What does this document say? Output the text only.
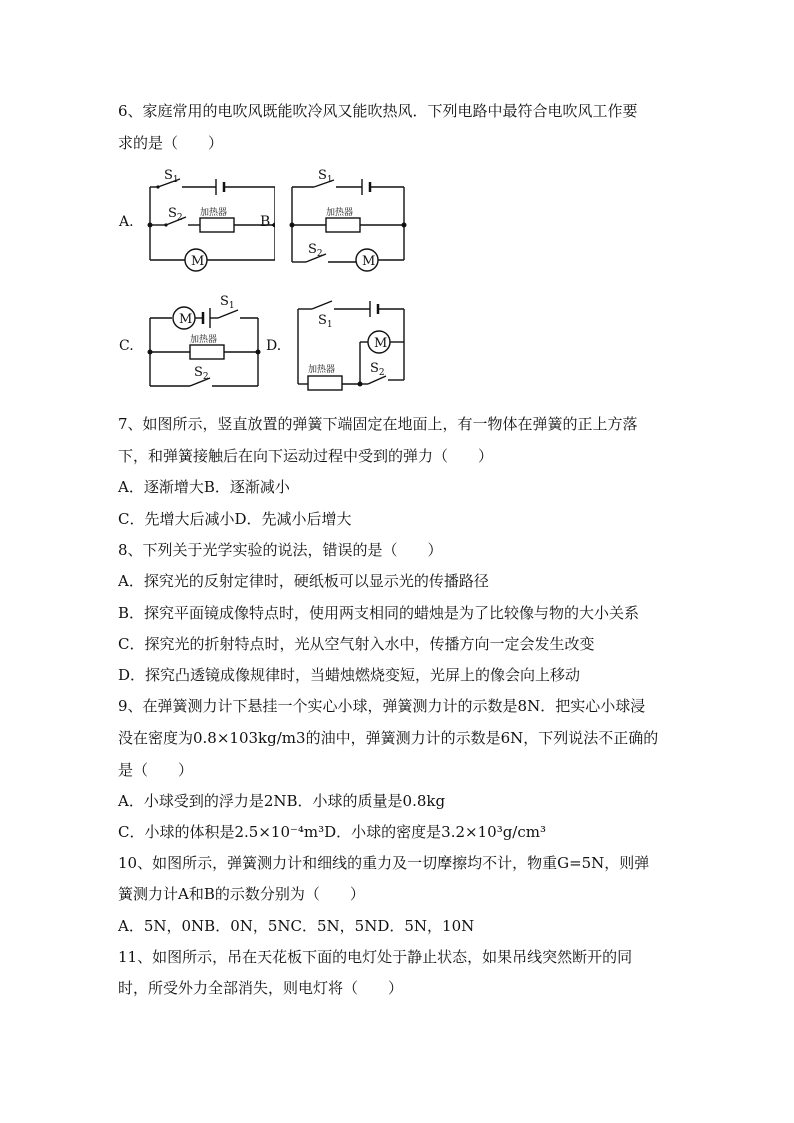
6、家庭常用的电吹风既能吹冷风又能吹热风．下列电路中最符合电吹风工作要
求的是（　　）
A.
$S_1$
$S_2$ 加热器
M
B.
$S_1$
$S_2$
加热器
M
C.
M
$S_1$
加热器
$S_2$
D.
$S_1$
M
加热器	$S_2$
7、如图所示，竖直放置的弹簧下端固定在地面上，有一物体在弹簧的正上方落
下，和弹簧接触后在向下运动过程中受到的弹力（　　）
A．逐渐增大B．逐渐减小
C．先增大后减小D．先减小后增大
8、下列关于光学实验的说法，错误的是（　　）
A．探究光的反射定律时，硬纸板可以显示光的传播路径
B．探究平面镜成像特点时，使用两支相同的蜡烛是为了比较像与物的大小关系
C．探究光的折射特点时，光从空气射入水中，传播方向一定会发生改变
D．探究凸透镜成像规律时，当蜡烛燃烧变短，光屏上的像会向上移动
9、在弹簧测力计下悬挂一个实心小球，弹簧测力计的示数是8N．把实心小球浸
没在密度为0.8×103kg/m3的油中，弹簧测力计的示数是6N，下列说法不正确的
是（　　）
A．小球受到的浮力是2NB．小球的质量是0.8kg
C．小球的体积是2.5×10⁻⁴m³D．小球的密度是3.2×10³g/cm³
10、如图所示，弹簧测力计和细线的重力及一切摩擦均不计，物重G=5N，则弹
簧测力计A和B的示数分别为（　　）
A．5N，0NB．0N，5NC．5N，5ND．5N，10N
11、如图所示，吊在天花板下面的电灯处于静止状态，如果吊线突然断开的同
时，所受外力全部消失，则电灯将（　　）
